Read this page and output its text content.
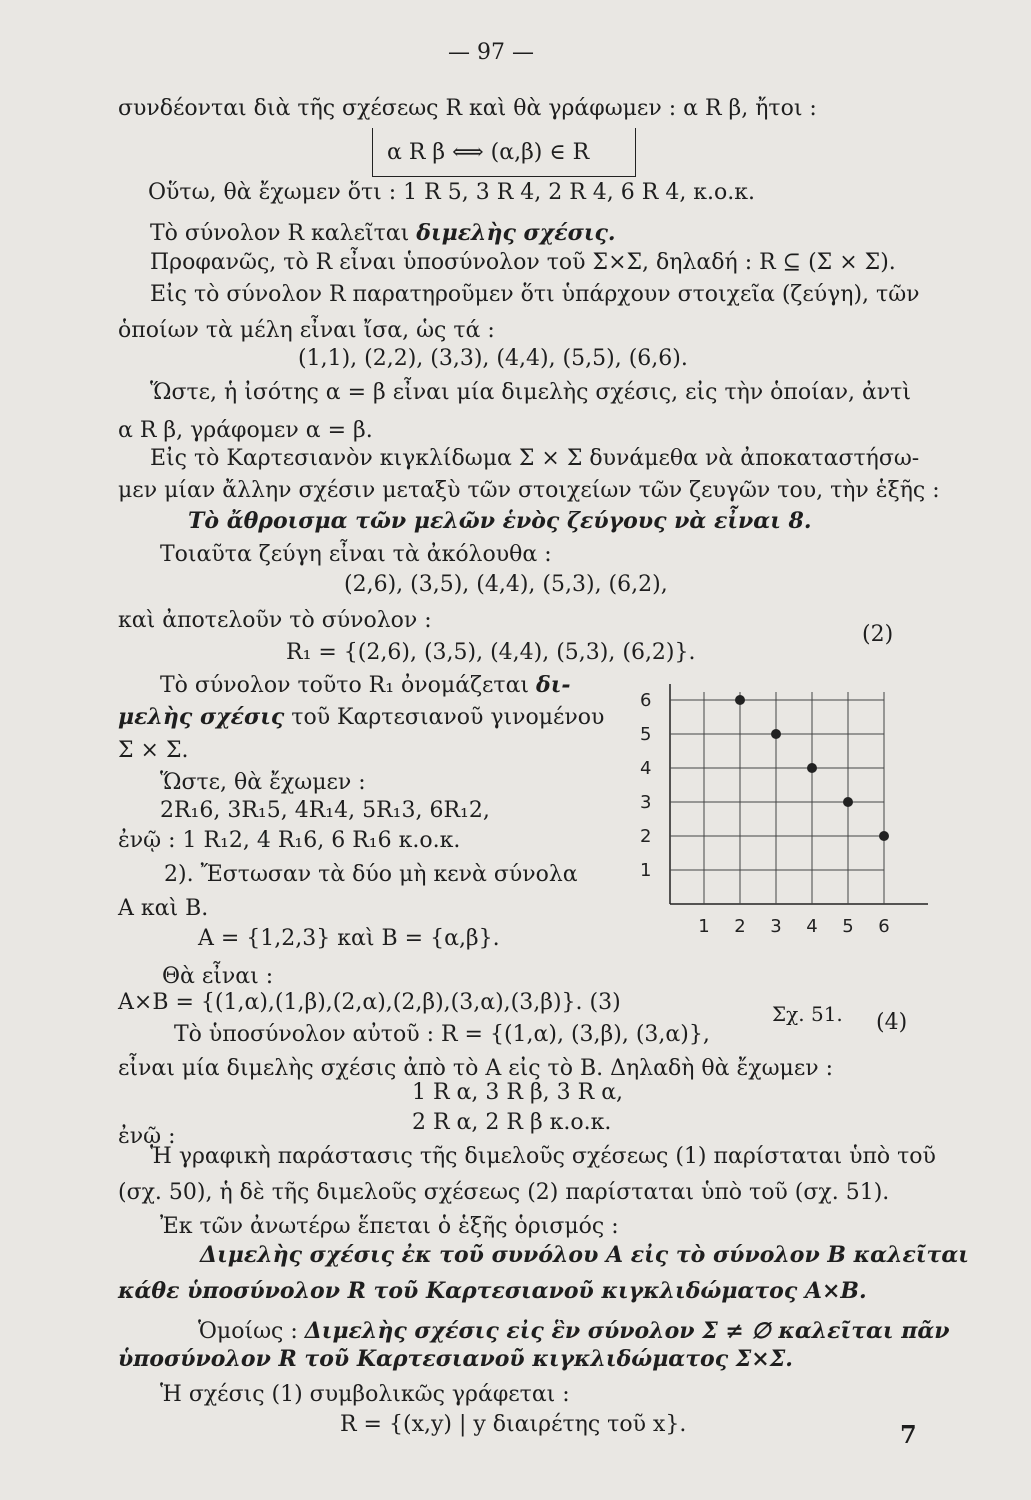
— 97 —
συνδέονται διὰ τῆς σχέσεως R καὶ θὰ γράφωμεν : α R β, ἤτοι :
α R β ⟺ (α,β) ∈ R
Οὕτω, θὰ ἔχωμεν ὅτι : 1 R 5, 3 R 4, 2 R 4, 6 R 4, κ.ο.κ.
Τὸ σύνολον R καλεῖται διμελὴς σχέσις.
Προφανῶς, τὸ R εἶναι ὑποσύνολον τοῦ Σ×Σ, δηλαδή : R ⊆ (Σ × Σ).
Εἰς τὸ σύνολον R παρατηροῦμεν ὅτι ὑπάρχουν στοιχεῖα (ζεύγη), τῶν
ὁποίων τὰ μέλη εἶναι ἴσα, ὡς τά :
(1,1), (2,2), (3,3), (4,4), (5,5), (6,6).
Ὥστε, ἡ ἰσότης α = β εἶναι μία διμελὴς σχέσις, εἰς τὴν ὁποίαν, ἀντὶ
α R β, γράφομεν α = β.
Εἰς τὸ Καρτεσιανὸν κιγκλίδωμα Σ × Σ δυνάμεθα νὰ ἀποκαταστήσω-
μεν μίαν ἄλλην σχέσιν μεταξὺ τῶν στοιχείων τῶν ζευγῶν του, τὴν ἑξῆς :
Τὸ ἄθροισμα τῶν μελῶν ἑνὸς ζεύγους νὰ εἶναι 8.
Τοιαῦτα ζεύγη εἶναι τὰ ἀκόλουθα :
(2,6), (3,5), (4,4), (5,3), (6,2),
καὶ ἀποτελοῦν τὸ σύνολον :
R₁ = {(2,6), (3,5), (4,4), (5,3), (6,2)}.
(2)
Τὸ σύνολον τοῦτο R₁ ὀνομάζεται δι-
μελὴς σχέσις τοῦ Καρτεσιανοῦ γινομένου
Σ × Σ.
Ὥστε, θὰ ἔχωμεν :
2R₁6, 3R₁5, 4R₁4, 5R₁3, 6R₁2,
ἐνῷ : 1 R₁2, 4 R₁6, 6 R₁6 κ.ο.κ.
2). Ἔστωσαν τὰ δύο μὴ κενὰ σύνολα
Α καὶ Β.
Α = {1,2,3} καὶ Β = {α,β}.
Θὰ εἶναι :
Α×Β = {(1,α),(1,β),(2,α),(2,β),(3,α),(3,β)}. (3)
1
2
3
4
5
6
1 2 3 4 5 6
Σχ. 51.
Τὸ ὑποσύνολον αὐτοῦ : R = {(1,α), (3,β), (3,α)},	(4)
εἶναι μία διμελὴς σχέσις ἀπὸ τὸ Α εἰς τὸ Β. Δηλαδὴ θὰ ἔχωμεν :
1 R α, 3 R β, 3 R α,
ἐνῷ :
2 R α, 2 R β κ.ο.κ.
Ἡ γραφικὴ παράστασις τῆς διμελοῦς σχέσεως (1) παρίσταται ὑπὸ τοῦ
(σχ. 50), ἡ δὲ τῆς διμελοῦς σχέσεως (2) παρίσταται ὑπὸ τοῦ (σχ. 51).
Ἐκ τῶν ἀνωτέρω ἕπεται ὁ ἑξῆς ὁρισμός :
Διμελὴς σχέσις ἐκ τοῦ συνόλου Α εἰς τὸ σύνολον Β καλεῖται
κάθε ὑποσύνολον R τοῦ Καρτεσιανοῦ κιγκλιδώματος Α×Β.
Ὁμοίως : Διμελὴς σχέσις εἰς ἓν σύνολον Σ ≠ ∅ καλεῖται πᾶν
ὑποσύνολον R τοῦ Καρτεσιανοῦ κιγκλιδώματος Σ×Σ.
Ἡ σχέσις (1) συμβολικῶς γράφεται :
R = {(x,y) | y διαιρέτης τοῦ x}.	7
